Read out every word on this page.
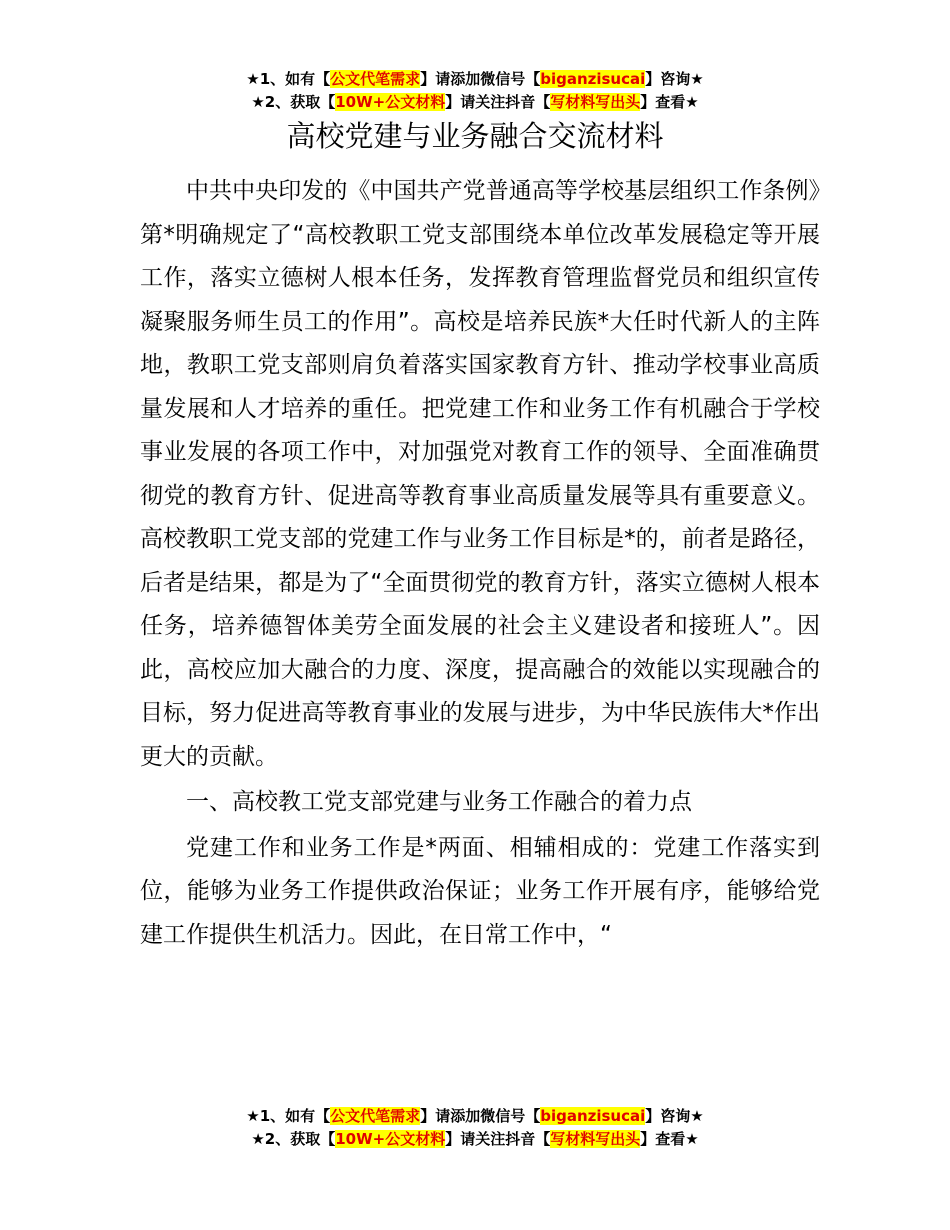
★1、如有【公文代笔需求】请添加微信号【biganzisucai】咨询★
★2、获取【10W+公文材料】请关注抖音【写材料写出头】查看★
高校党建与业务融合交流材料

中共中央印发的《中国共产党普通高等学校基层组织工作条例》第*明确规定了“高校教职工党支部围绕本单位改革发展稳定等开展工作，落实立德树人根本任务，发挥教育管理监督党员和组织宣传凝聚服务师生员工的作用”。高校是培养民族*大任时代新人的主阵地，教职工党支部则肩负着落实国家教育方针、推动学校事业高质量发展和人才培养的重任。把党建工作和业务工作有机融合于学校事业发展的各项工作中，对加强党对教育工作的领导、全面准确贯彻党的教育方针、促进高等教育事业高质量发展等具有重要意义。高校教职工党支部的党建工作与业务工作目标是*的，前者是路径，后者是结果，都是为了“全面贯彻党的教育方针，落实立德树人根本任务，培养德智体美劳全面发展的社会主义建设者和接班人”。因此，高校应加大融合的力度、深度，提高融合的效能以实现融合的目标，努力促进高等教育事业的发展与进步，为中华民族伟大*作出更大的贡献。

一、高校教工党支部党建与业务工作融合的着力点

党建工作和业务工作是*两面、相辅相成的：党建工作落实到位，能够为业务工作提供政治保证；业务工作开展有序，能够给党建工作提供生机活力。因此，在日常工作中，“

★1、如有【公文代笔需求】请添加微信号【biganzisucai】咨询★
★2、获取【10W+公文材料】请关注抖音【写材料写出头】查看★
